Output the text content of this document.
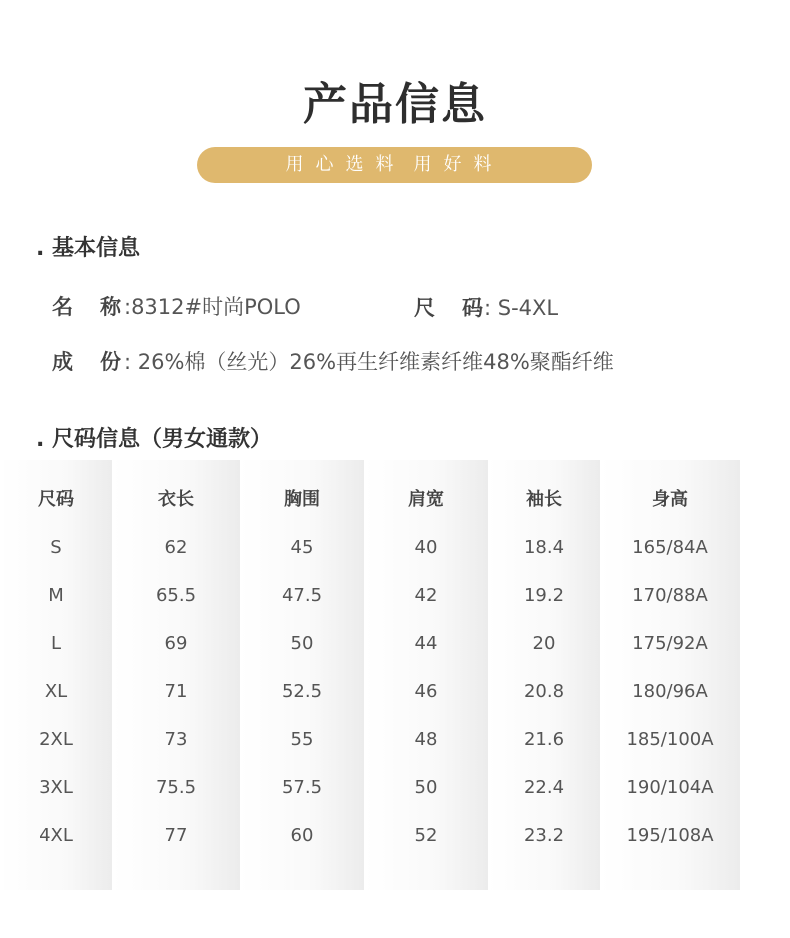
产品信息
用心选料 用好料
. 基本信息
名 称 :8312#时尚POLO	尺 码 : S-4XL
成 份 : 26%棉（丝光）26%再生纤维素纤维48%聚酯纤维
. 尺码信息（男女通款）
尺码
S
M
L
XL
2XL
3XL
4XL
衣长
62
65.5
69
71
73
75.5
77
胸围
45
47.5
50
52.5
55
57.5
60
肩宽
40
42
44
46
48
50
52
袖长
18.4
19.2
20
20.8
21.6
22.4
23.2
身高
165/84A
170/88A
175/92A
180/96A
185/100A
190/104A
195/108A
